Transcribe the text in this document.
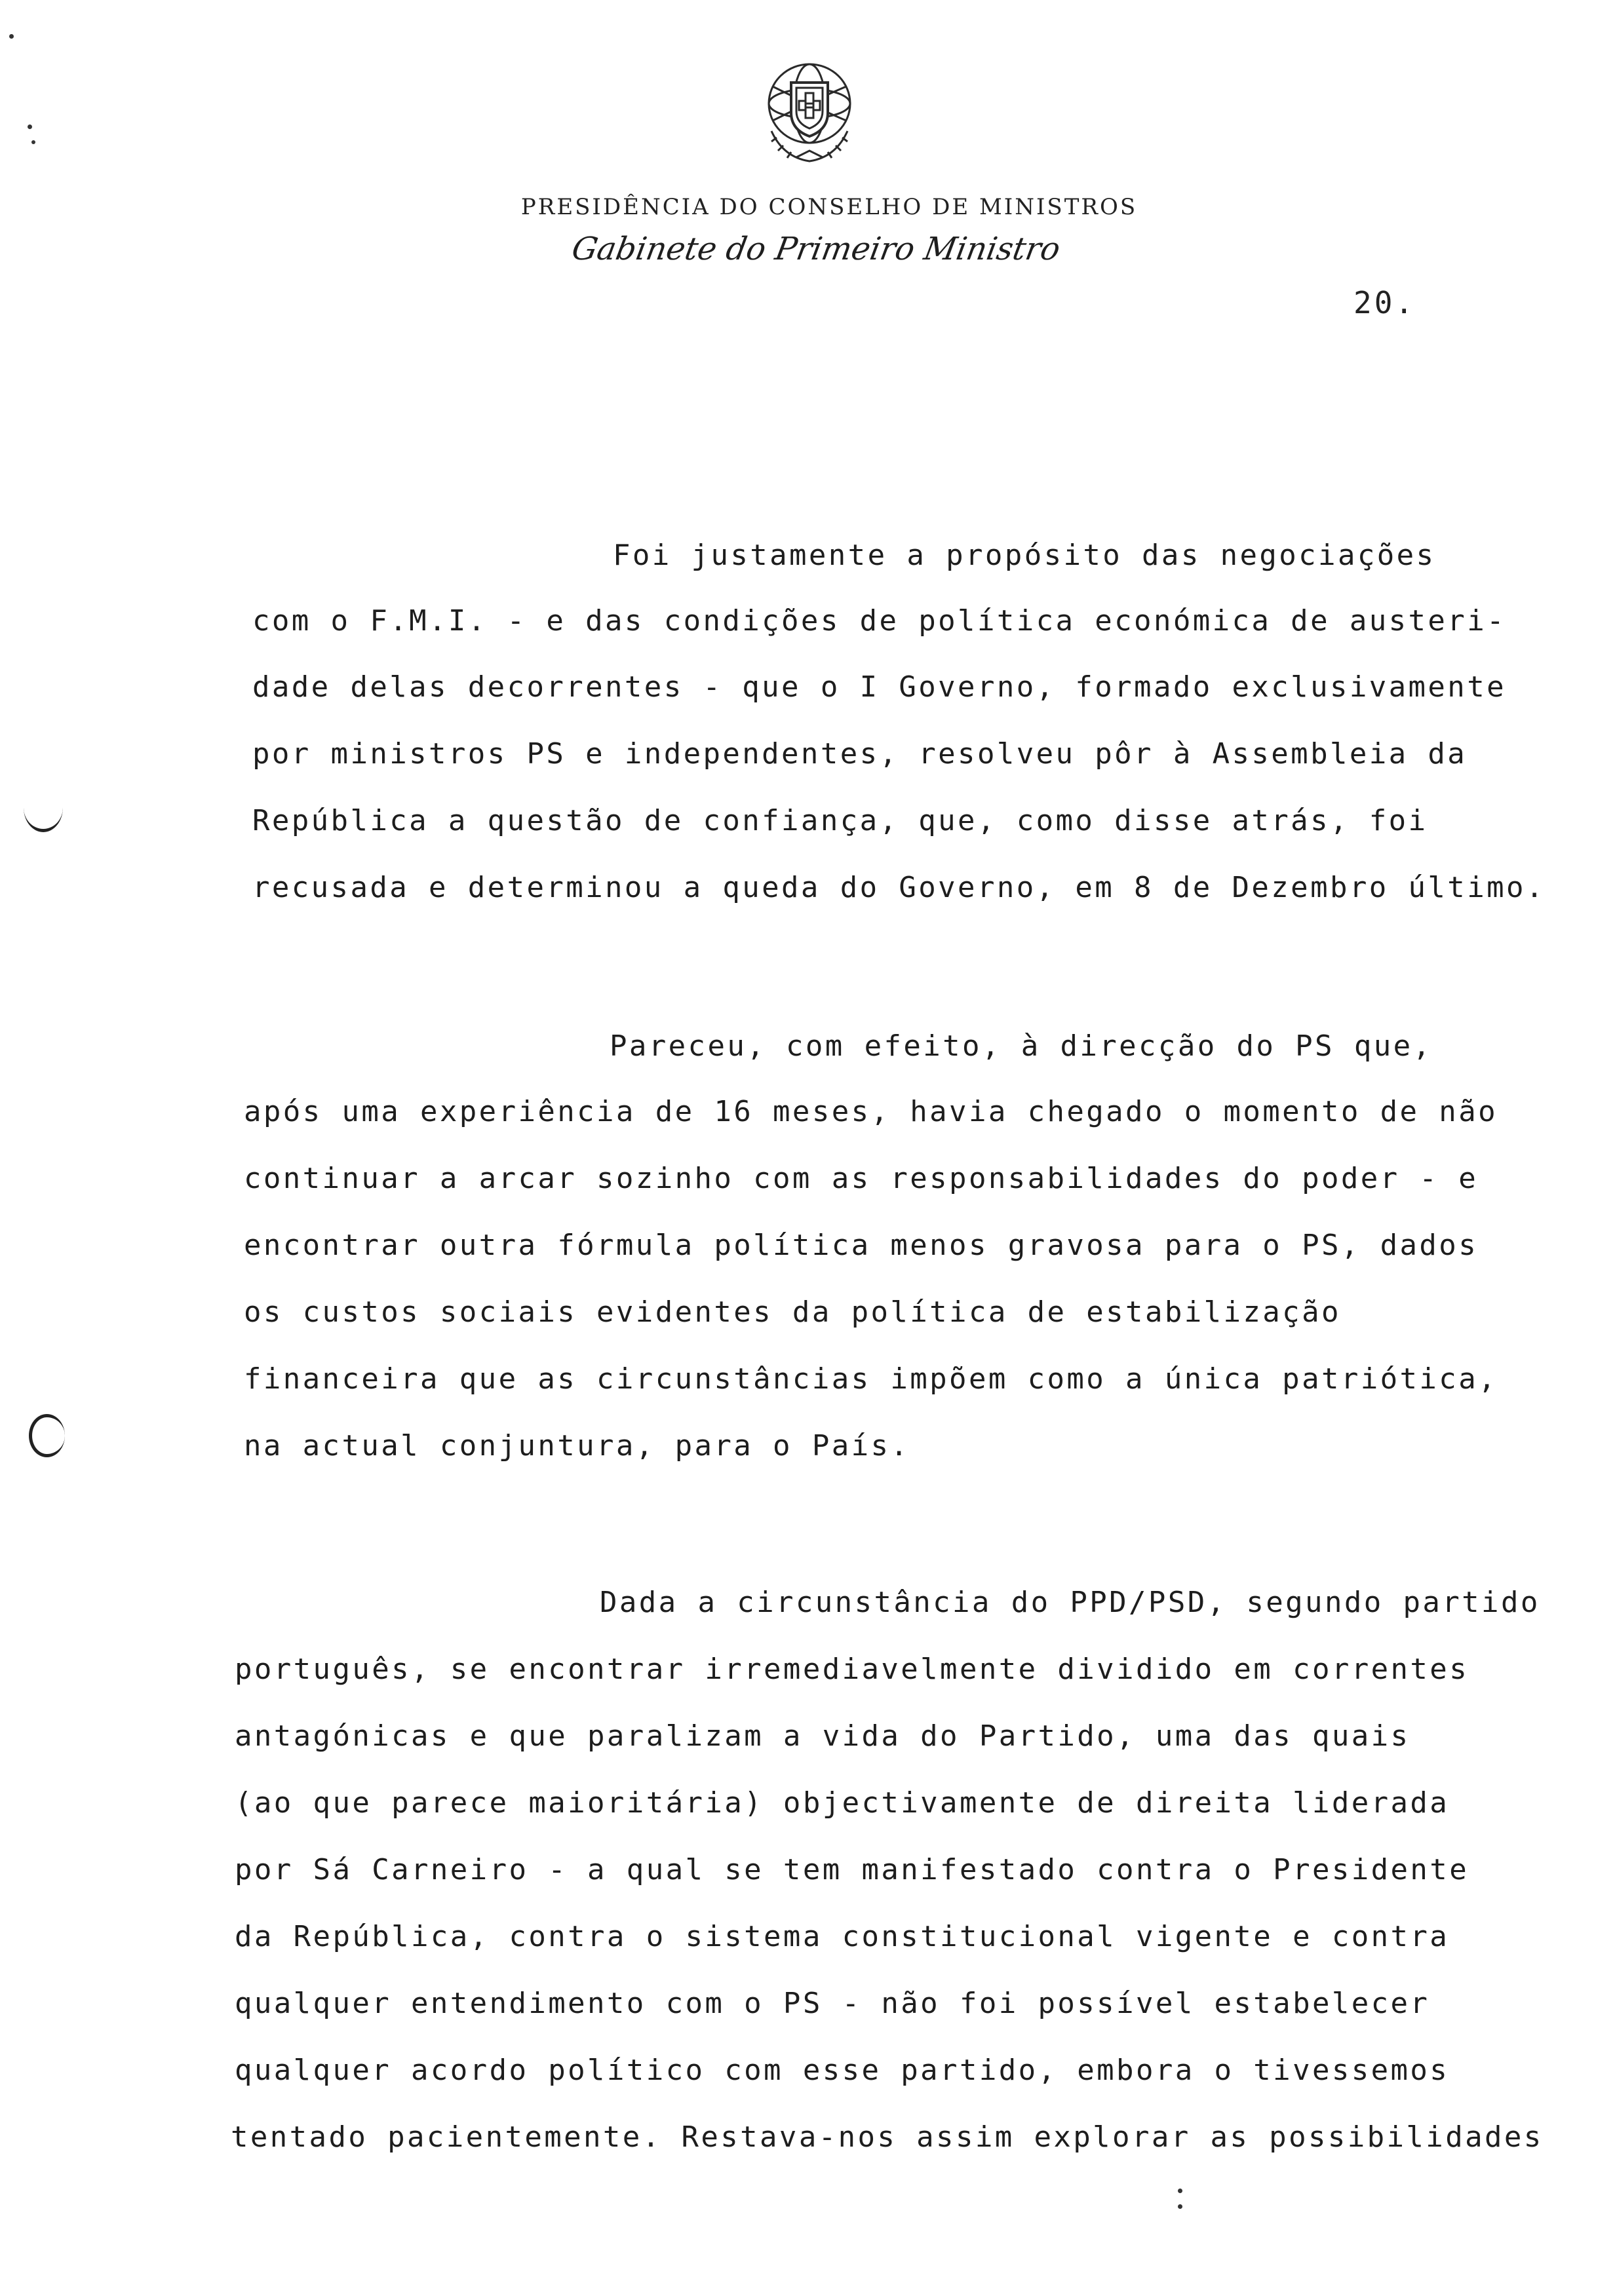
PRESIDÊNCIA DO CONSELHO DE MINISTROS
Gabinete do Primeiro Ministro
20.
Foi justamente a propósito das negociações
com o F.M.I. - e das condições de política económica de austeri-
dade delas decorrentes - que o I Governo, formado exclusivamente
por ministros PS e independentes, resolveu pôr à Assembleia da
República a questão de confiança, que, como disse atrás, foi
recusada e determinou a queda do Governo, em 8 de Dezembro último.
Pareceu, com efeito, à direcção do PS que,
após uma experiência de 16 meses, havia chegado o momento de não
continuar a arcar sozinho com as responsabilidades do poder - e
encontrar outra fórmula política menos gravosa para o PS, dados
os custos sociais evidentes da política de estabilização
financeira que as circunstâncias impõem como a única patriótica,
na actual conjuntura, para o País.
Dada a circunstância do PPD/PSD, segundo partido
português, se encontrar irremediavelmente dividido em correntes
antagónicas e que paralizam a vida do Partido, uma das quais
(ao que parece maioritária) objectivamente de direita liderada
por Sá Carneiro - a qual se tem manifestado contra o Presidente
da República, contra o sistema constitucional vigente e contra
qualquer entendimento com o PS - não foi possível estabelecer
qualquer acordo político com esse partido, embora o tivessemos
tentado pacientemente. Restava-nos assim explorar as possibilidades
